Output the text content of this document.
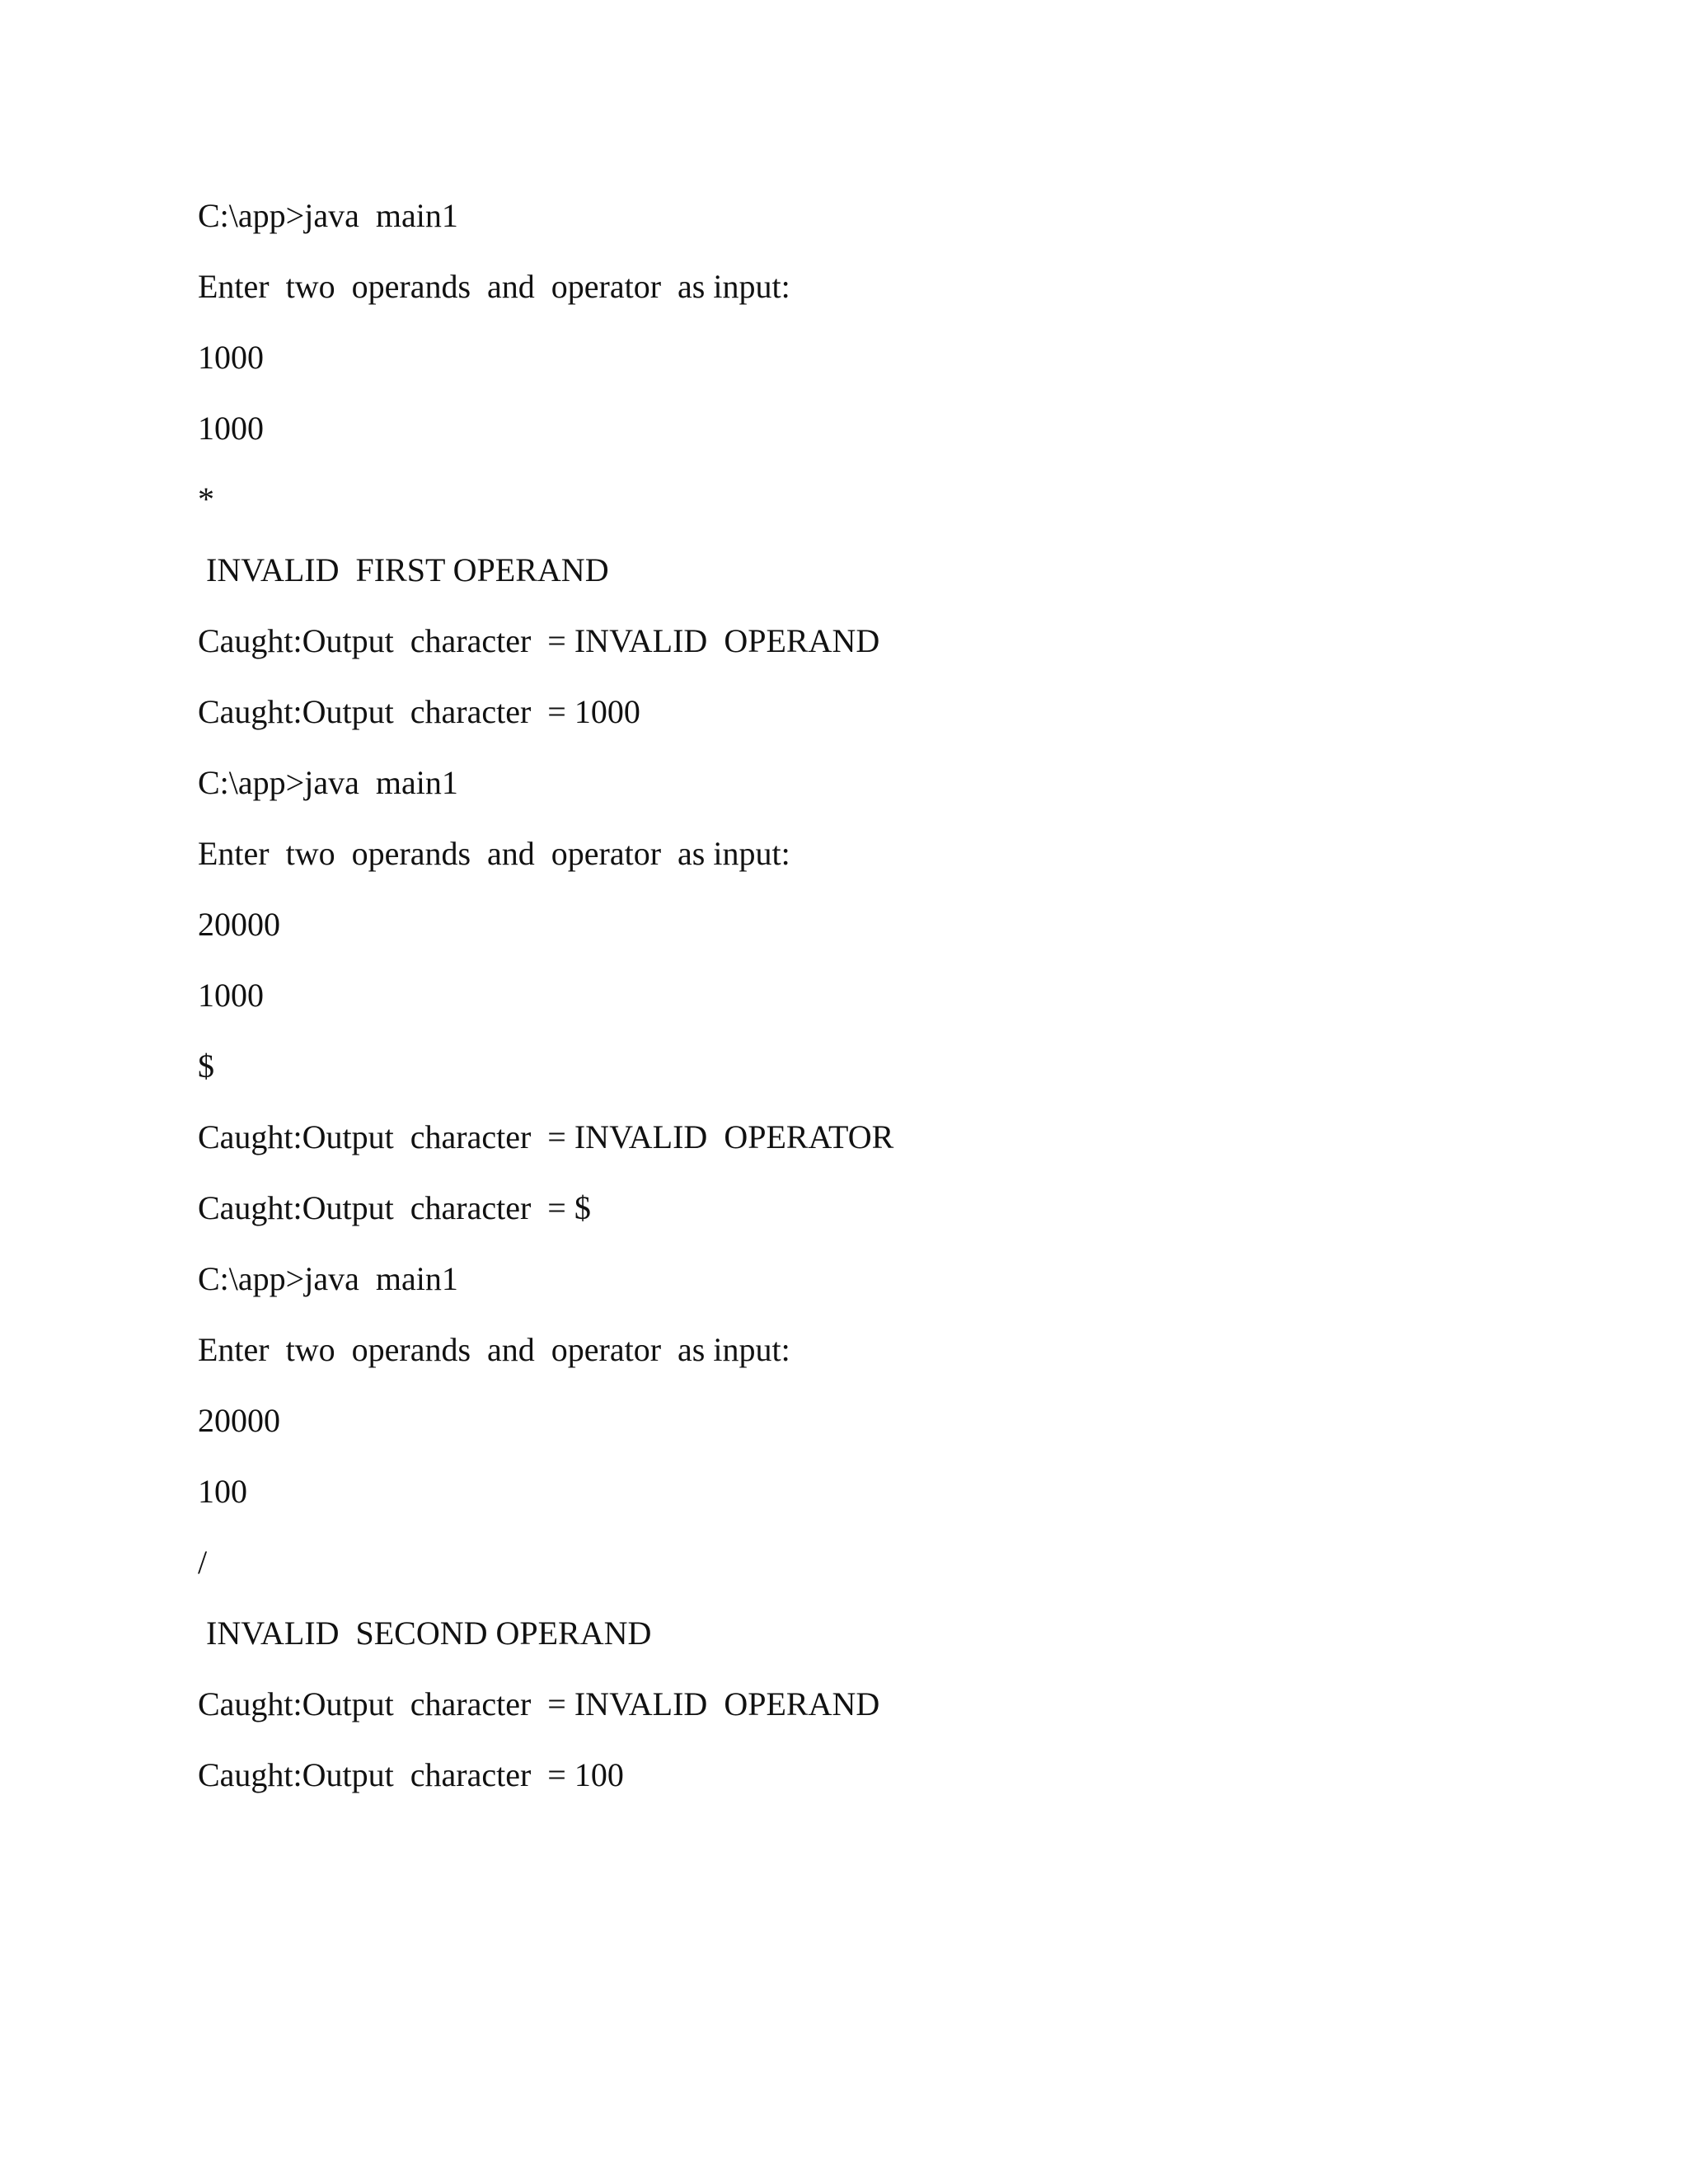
C:\app>java  main1
Enter  two  operands  and  operator  as input:
1000
1000
*
INVALID  FIRST OPERAND
Caught:Output  character  = INVALID  OPERAND
Caught:Output  character  = 1000
C:\app>java  main1
Enter  two  operands  and  operator  as input:
20000
1000
$
Caught:Output  character  = INVALID  OPERATOR
Caught:Output  character  = $
C:\app>java  main1
Enter  two  operands  and  operator  as input:
20000
100
/
INVALID  SECOND OPERAND
Caught:Output  character  = INVALID  OPERAND
Caught:Output  character  = 100
